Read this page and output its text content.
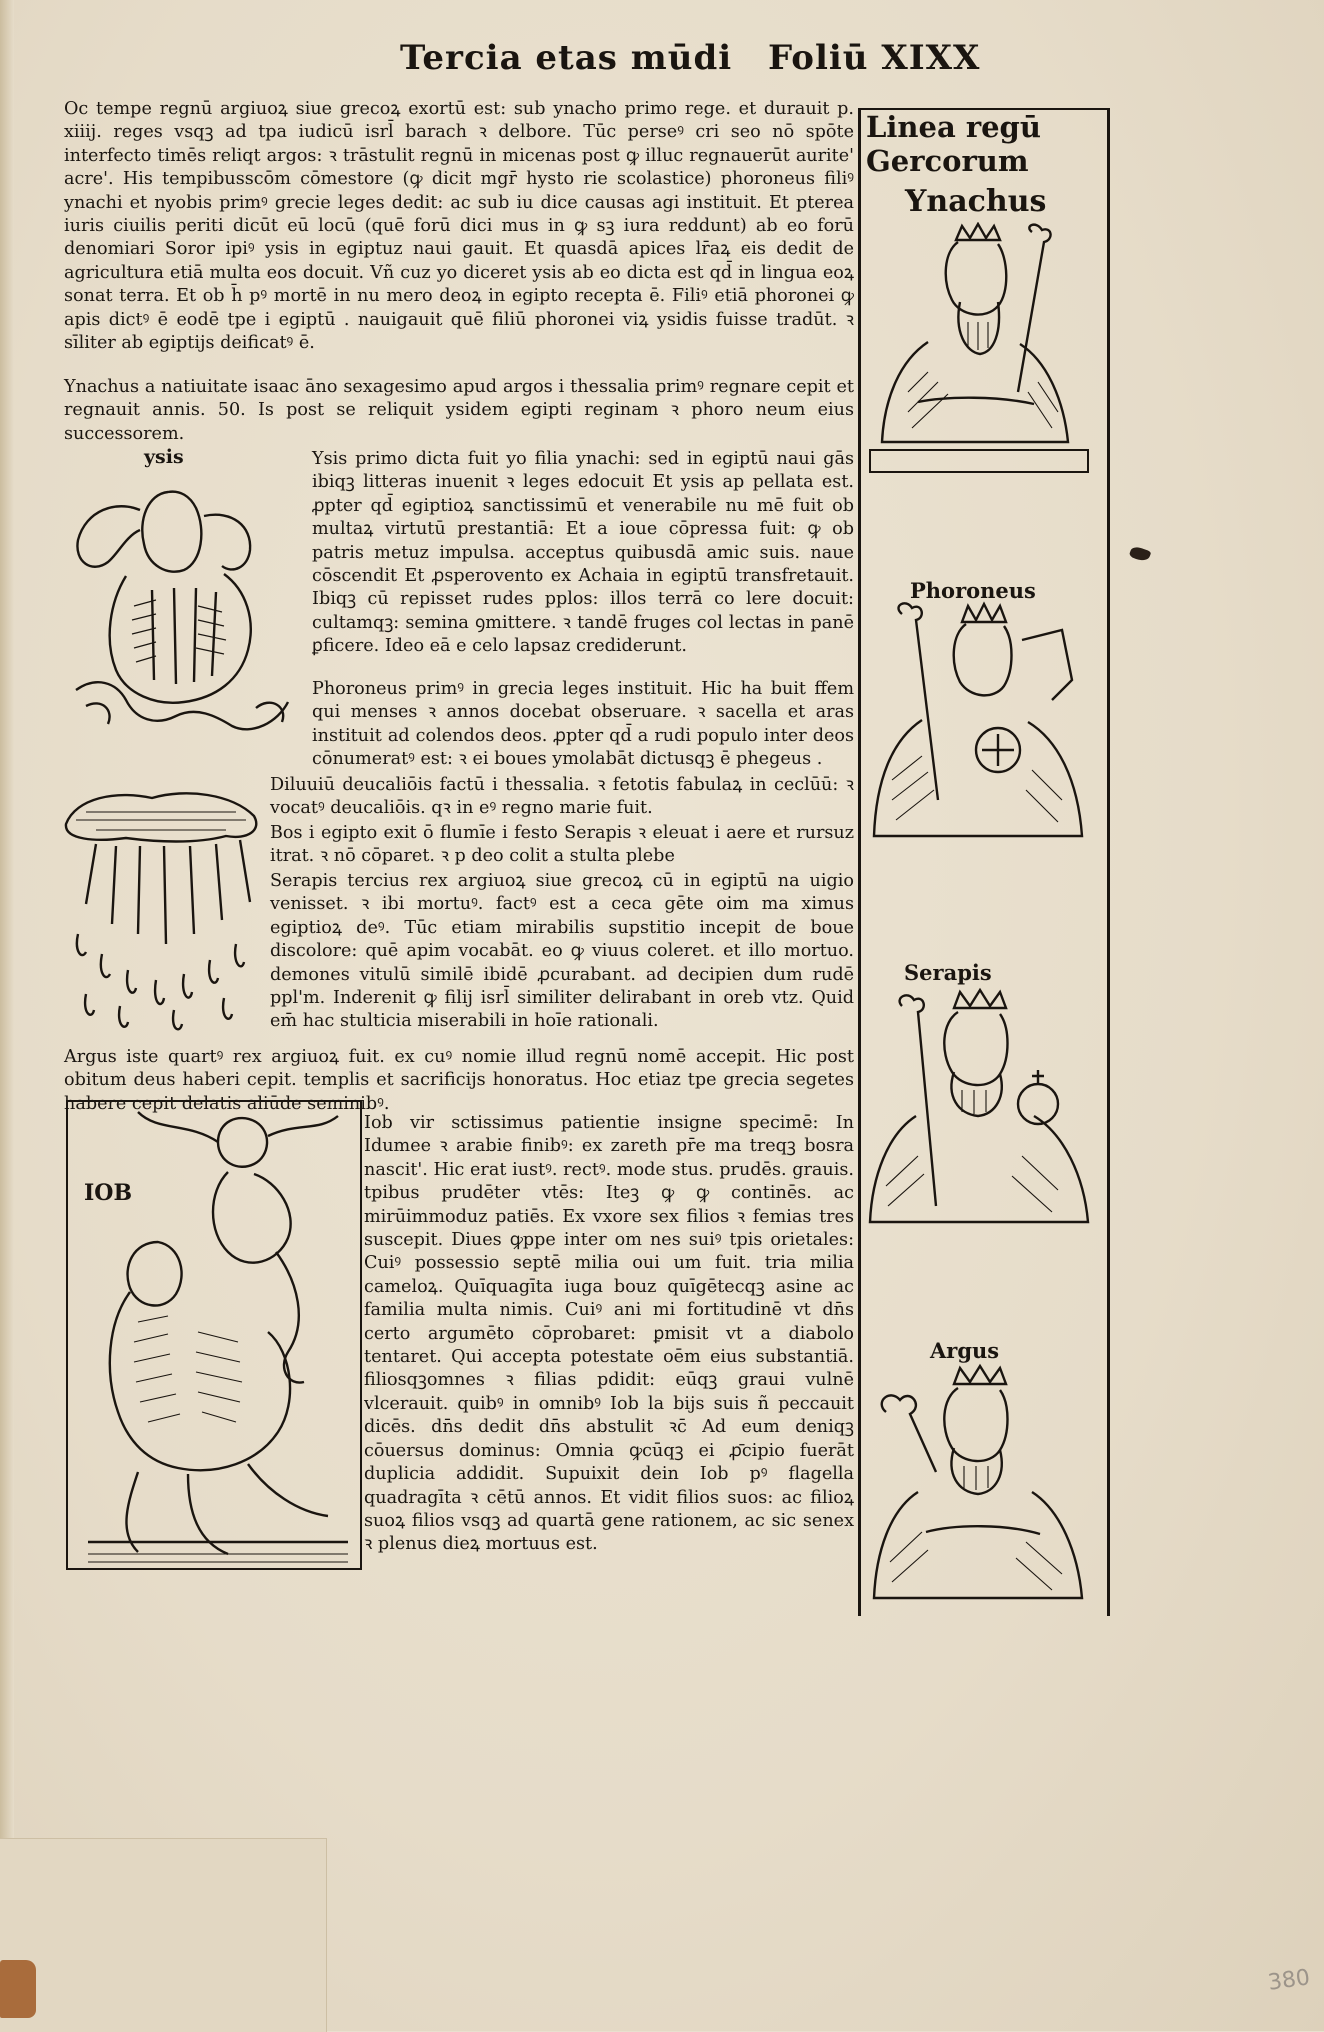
380
Tercia etas mūdi Foliū XIXX

Oc tempe regnū argiuoꝝ siue grecoꝝ exortū est: sub ynacho primo rege. et durauit p. xiiij. reges vsqꝫ ad tpa iudicū isrl̄ barach ꝛ delbore. Tūc perseꝰ cri seo nō spōte interfecto timēs reliqt argos: ꝛ trāstulit regnū in micenas post ꝙ illuc regnauerūt aurite' acre'. His tempibusscōm cōmestore (ꝙ dicit mgr̄ hysto rie scolastice) phoroneus filiꝰ ynachi et nyobis primꝰ grecie leges dedit: ac sub iu dice causas agi instituit. Et pterea iuris ciuilis periti dicūt eū locū (quē forū dici mus in ꝙ sꝫ iura reddunt) ab eo forū denomiari Soror ipiꝰ ysis in egiptuz naui gauit. Et quasdā apices lr̄aꝝ eis dedit de agricultura etiā multa eos docuit. Vñ cuz yo diceret ysis ab eo dicta est qd̄ in lingua eoꝝ sonat terra. Et ob h̄ pꝰ mortē in nu mero deoꝝ in egipto recepta ē. Filiꝰ etiā phoronei ꝙ apis dictꝰ ē eodē tpe i egiptū . nauigauit quē filiū phoronei viꝝ ysidis fuisse tradūt. ꝛ sīliter ab egiptijs deificatꝰ ē.

Ynachus a natiuitate isaac āno sexagesimo apud argos i thessalia primꝰ regnare cepit et regnauit annis. 50. Is post se reliquit ysidem egipti reginam ꝛ phoro neum eius successorem.

ysis	Ysis primo dicta fuit yo filia ynachi: sed in egiptū naui gās ibiqꝫ litteras inuenit ꝛ leges edocuit Et ysis ap pellata est. ꝓpter qd̄ egiptioꝝ sanctissimū et venerabile nu mē fuit ob multaꝝ virtutū prestantiā: Et a ioue cōpressa fuit: ꝙ ob patris metuz impulsa. acceptus quibusdā amic suis. naue cōscendit Et ꝓsperovento ex Achaia in egiptū transfretauit. Ibiqꝫ cū repisset rudes pplos: illos terrā co lere docuit: cultamqꝫ: semina ꝯmittere. ꝛ tandē fruges col lectas in panē ꝑficere. Ideo eā e celo lapsaz crediderunt.

Phoroneus primꝰ in grecia leges instituit. Hic ha buit ffem qui menses ꝛ annos docebat obseruare. ꝛ sacella et aras instituit ad colendos deos. ꝓpter qd̄ a rudi populo inter deos cōnumeratꝰ est: ꝛ ei boues ymolabāt dictusqꝫ ē phegeus .

Diluuiū deucaliōis factū i thessalia. ꝛ fetotis fabulaꝝ in ceclūū: ꝛ vocatꝰ deucaliōis. qꝛ in eꝰ regno marie fuit.

Bos i egipto exit ō flumīe i festo Serapis ꝛ eleuat i aere et rursuz itrat. ꝛ nō cōparet. ꝛ p deo colit a stulta plebe

Serapis tercius rex argiuoꝝ siue grecoꝝ cū in egiptū na uigio venisset. ꝛ ibi mortuꝰ. factꝰ est a ceca gēte oim ma ximus egiptioꝝ deꝰ. Tūc etiam mirabilis supstitio incepit de boue discolore: quē apim vocabāt. eo ꝙ viuus coleret. et illo mortuo. demones vitulū similē ibidē ꝓcurabant. ad decipien dum rudē ppl'm. Inderenit ꝙ filij isrl̄ similiter delirabant in oreb vtz. Quid em̄ hac stulticia miserabili in hoīe rationali.

Argus iste quartꝰ rex argiuoꝝ fuit. ex cuꝰ nomie illud regnū nomē accepit. Hic post obitum deus haberi cepit. templis et sacrificijs honoratus. Hoc etiaz tpe grecia segetes habere cepit delatis aliūde seminibꝰ.

IOB

Iob vir sctissimus patientie insigne specimē: In Idumee ꝛ arabie finibꝰ: ex zareth pr̄e ma treqꝫ bosra nascit'. Hic erat iustꝰ. rectꝰ. mode stus. prudēs. grauis. tpibus prudēter vtēs: Iteꝫ ꝙ ꝙ continēs. ac mirūimmoduz patiēs. Ex vxore sex filios ꝛ femias tres suscepit. Diues ꝙppe inter om nes suiꝰ tpis orietales: Cuiꝰ possessio septē milia oui um fuit. tria milia cameloꝝ. Quīquagīta iuga bouz quīgētecqꝫ asine ac familia multa nimis. Cuiꝰ ani mi fortitudinē vt dn̄s certo argumēto cōprobaret: ꝑmisit vt a diabolo tentaret. Qui accepta potestate oēm eius substantiā. filiosqꝫomnes ꝛ filias pdidit: eūqꝫ graui vulnē vlcerauit. quibꝰ in omnibꝰ Iob la bijs suis ñ peccauit dicēs. dn̄s dedit dn̄s abstulit ꝛc̄ Ad eum deniqꝫ cōuersus dominus: Omnia ꝙcūqꝫ ei ꝓ̄cipio fuerāt duplicia addidit. Supuixit dein Iob pꝰ flagella quadragīta ꝛ cētū annos. Et vidit filios suos: ac filioꝝ suoꝝ filios vsqꝫ ad quartā gene rationem, ac sic senex ꝛ plenus dieꝝ mortuus est.

Linea regū Gercorum
Ynachus
Phoroneus
Serapis
Argus
